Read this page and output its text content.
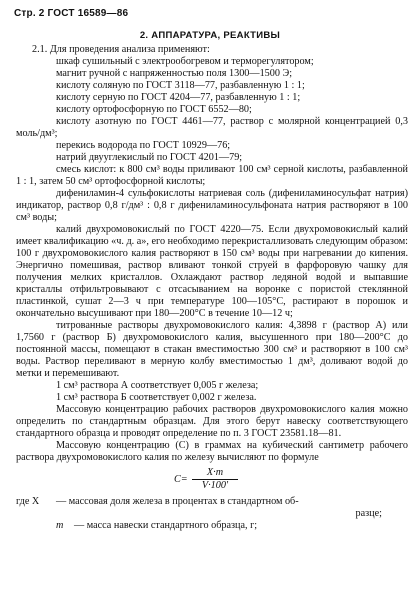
Стр. 2 ГОСТ 16589—86
2. АППАРАТУРА, РЕАКТИВЫ

2.1. Для проведения анализа применяют:

шкаф сушильный с электрообогревом и терморегулятором;

магнит ручной с напряженностью поля 1300—1500 Э;

кислоту соляную по ГОСТ 3118—77, разбавленную 1 : 1;

кислоту серную по ГОСТ 4204—77, разбавленную 1 : 1;

кислоту ортофосфорную по ГОСТ 6552—80;

кислоту азотную по ГОСТ 4461—77, раствор с молярной концентрацией 0,3 моль/дм³;

перекись водорода по ГОСТ 10929—76;

натрий двууглекислый по ГОСТ 4201—79;

смесь кислот: к 800 см³ воды приливают 100 см³ серной кислоты, разбавленной 1 : 1, затем 50 см³ ортофосфорной кислоты;

дифениламин-4 сульфокислоты натриевая соль (дифениламиносульфат натрия) индикатор, раствор 0,8 г/дм³ : 0,8 г дифениламиносульфоната натрия растворяют в 100 см³ воды;

калий двухромовокислый по ГОСТ 4220—75. Если двухромовокислый калий имеет квалификацию «ч. д. а», его необходимо перекристаллизовать следующим образом: 100 г двухромовокислого калия растворяют в 150 см³ воды при нагревании до кипения. Энергично помешивая, раствор вливают тонкой струей в фарфоровую чашку для получения мелких кристаллов. Охлаждают раствор ледяной водой и выпавшие кристаллы отфильтровывают с отсасыванием на воронке с пористой стеклянной пластинкой, сушат 2—3 ч при температуре 100—105°С, растирают в порошок и окончательно высушивают при 180—200°С в течение 10—12 ч;

титрованные растворы двухромовокислого калия: 4,3898 г (раствор А) или 1,7560 г (раствор Б) двухромовокислого калия, высушенного при 180—200°С до постоянной массы, помещают в стакан вместимостью 300 см³ и растворяют в 100 см³ воды. Раствор переливают в мерную колбу вместимостью 1 дм³, доливают водой до метки и перемешивают.

1 см³ раствора А соответствует 0,005 г железа;

1 см³ раствора Б соответствует 0,002 г железа.

Массовую концентрацию рабочих растворов двухромовокислого калия можно определить по стандартным образцам. Для этого берут навеску соответствующего стандартного образца и проводят определение по п. 3 ГОСТ 23581.18—81.

Массовую концентрацию (С) в граммах на кубический сантиметр рабочего раствора двухромовокислого калия по железу вычисляют по формуле

$С= \frac{X\cdot m}{V\cdot 100'}$

где X — массовая доля железа в процентах в стандартном об-

разце;

m — масса навески стандартного образца, г;
